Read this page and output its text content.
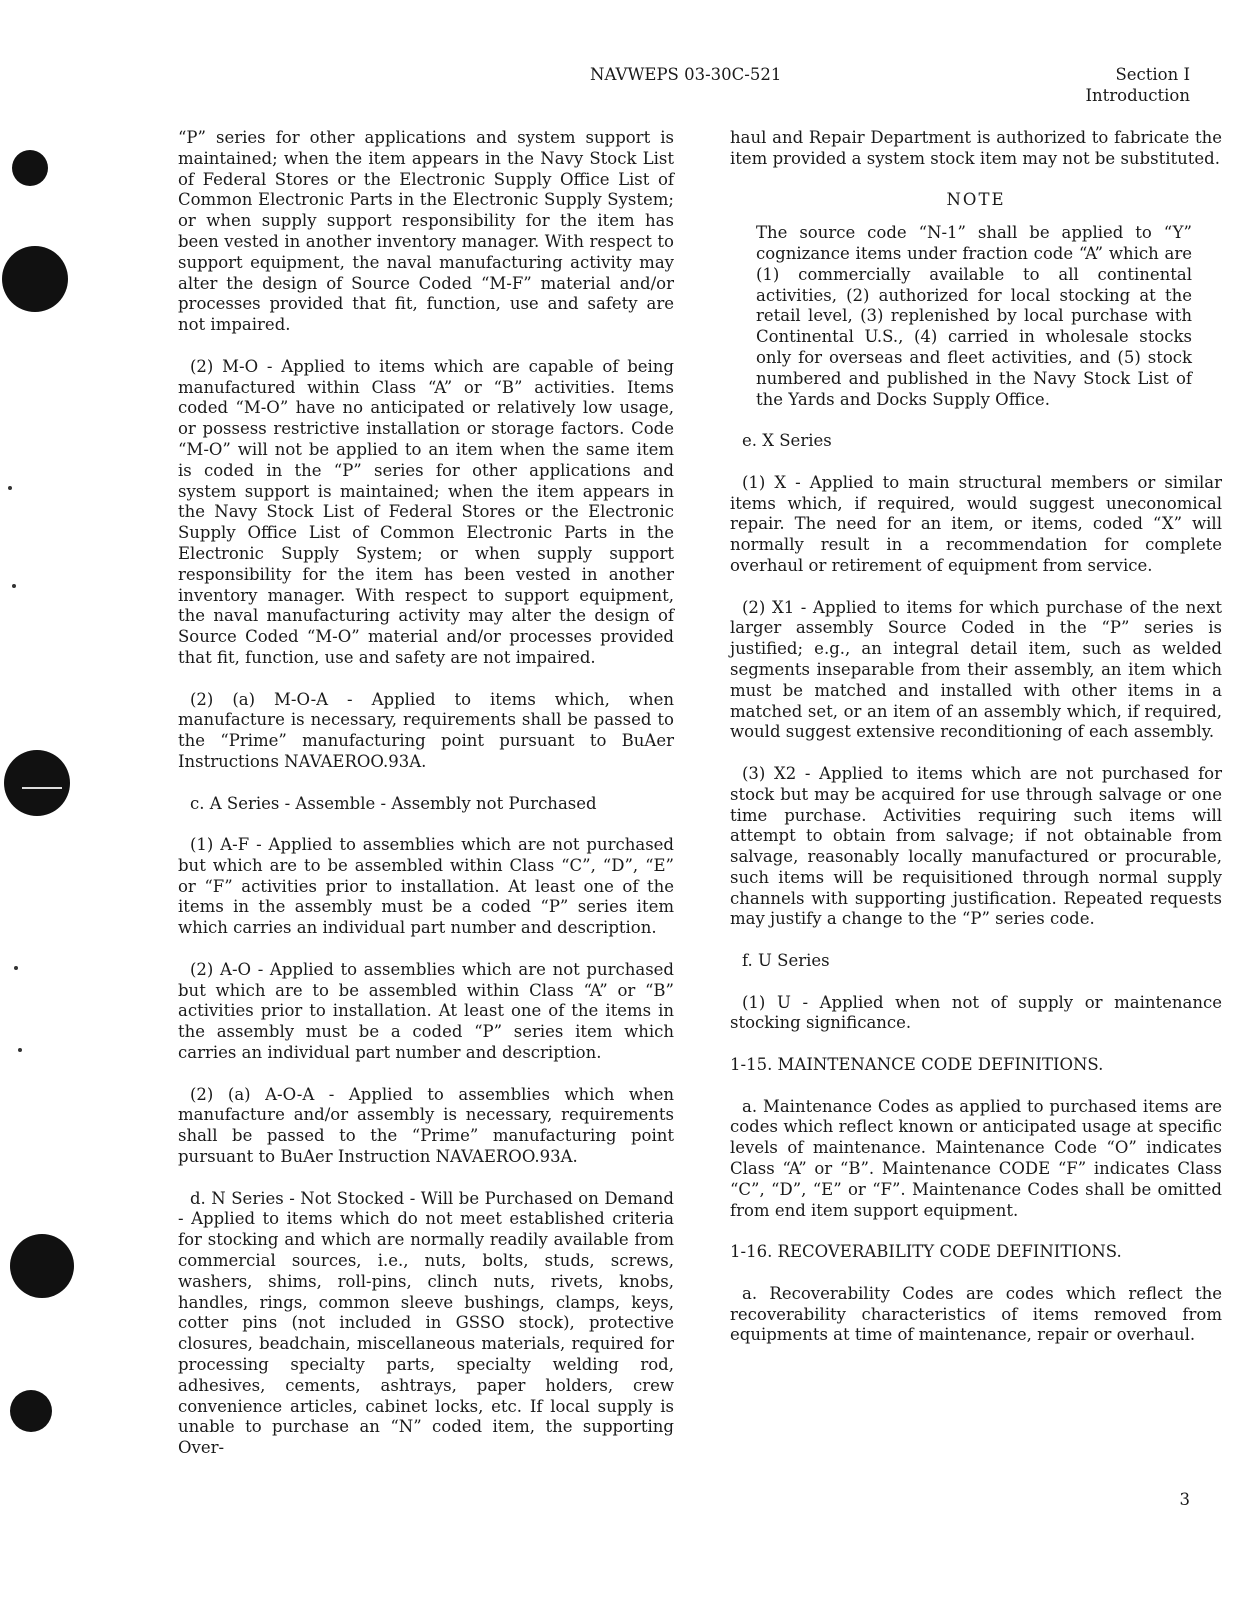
NAVWEPS 03-30C-521	Section I
Introduction

“P” series for other applications and system support is maintained; when the item appears in the Navy Stock List of Federal Stores or the Electronic Supply Office List of Common Electronic Parts in the Electronic Supply System; or when supply support responsibility for the item has been vested in another inventory manager. With respect to support equipment, the naval manufacturing activity may alter the design of Source Coded “M-F” material and/or processes provided that fit, function, use and safety are not impaired.

(2) M-O - Applied to items which are capable of being manufactured within Class “A” or “B” activities. Items coded “M-O” have no anticipated or relatively low usage, or possess restrictive installation or storage factors. Code “M-O” will not be applied to an item when the same item is coded in the “P” series for other applications and system support is maintained; when the item appears in the Navy Stock List of Federal Stores or the Electronic Supply Office List of Common Electronic Parts in the Electronic Supply System; or when supply support responsibility for the item has been vested in another inventory manager. With respect to support equipment, the naval manufacturing activity may alter the design of Source Coded “M-O” material and/or processes provided that fit, function, use and safety are not impaired.

(2) (a) M-O-A - Applied to items which, when manufacture is necessary, requirements shall be passed to the “Prime” manufacturing point pursuant to BuAer Instructions NAVAEROO.93A.

c. A Series - Assemble - Assembly not Purchased

(1) A-F - Applied to assemblies which are not purchased but which are to be assembled within Class “C”, “D”, “E” or “F” activities prior to installation. At least one of the items in the assembly must be a coded “P” series item which carries an individual part number and description.

(2) A-O - Applied to assemblies which are not purchased but which are to be assembled within Class “A” or “B” activities prior to installation. At least one of the items in the assembly must be a coded “P” series item which carries an individual part number and description.

(2) (a) A-O-A - Applied to assemblies which when manufacture and/or assembly is necessary, requirements shall be passed to the “Prime” manufacturing point pursuant to BuAer Instruction NAVAEROO.93A.

d. N Series - Not Stocked - Will be Purchased on Demand - Applied to items which do not meet established criteria for stocking and which are normally readily available from commercial sources, i.e., nuts, bolts, studs, screws, washers, shims, roll-pins, clinch nuts, rivets, knobs, handles, rings, common sleeve bushings, clamps, keys, cotter pins (not included in GSSO stock), protective closures, beadchain, miscellaneous materials, required for processing specialty parts, specialty welding rod, adhesives, cements, ashtrays, paper holders, crew convenience articles, cabinet locks, etc. If local supply is unable to purchase an “N” coded item, the supporting Over-

haul and Repair Department is authorized to fabricate the item provided a system stock item may not be substituted.

NOTE

The source code “N-1” shall be applied to “Y” cognizance items under fraction code “A” which are (1) commercially available to all continental activities, (2) authorized for local stocking at the retail level, (3) replenished by local purchase with Continental U.S., (4) carried in wholesale stocks only for overseas and fleet activities, and (5) stock numbered and published in the Navy Stock List of the Yards and Docks Supply Office.

e. X Series

(1) X - Applied to main structural members or similar items which, if required, would suggest uneconomical repair. The need for an item, or items, coded “X” will normally result in a recommendation for complete overhaul or retirement of equipment from service.

(2) X1 - Applied to items for which purchase of the next larger assembly Source Coded in the “P” series is justified; e.g., an integral detail item, such as welded segments inseparable from their assembly, an item which must be matched and installed with other items in a matched set, or an item of an assembly which, if required, would suggest extensive reconditioning of each assembly.

(3) X2 - Applied to items which are not purchased for stock but may be acquired for use through salvage or one time purchase. Activities requiring such items will attempt to obtain from salvage; if not obtainable from salvage, reasonably locally manufactured or procurable, such items will be requisitioned through normal supply channels with supporting justification. Repeated requests may justify a change to the “P” series code.

f. U Series

(1) U - Applied when not of supply or maintenance stocking significance.

1-15. MAINTENANCE CODE DEFINITIONS.

a. Maintenance Codes as applied to purchased items are codes which reflect known or anticipated usage at specific levels of maintenance. Maintenance Code “O” indicates Class “A” or “B”. Maintenance CODE “F” indicates Class “C”, “D”, “E” or “F”. Maintenance Codes shall be omitted from end item support equipment.

1-16. RECOVERABILITY CODE DEFINITIONS.

a. Recoverability Codes are codes which reflect the recoverability characteristics of items removed from equipments at time of maintenance, repair or overhaul.

3
